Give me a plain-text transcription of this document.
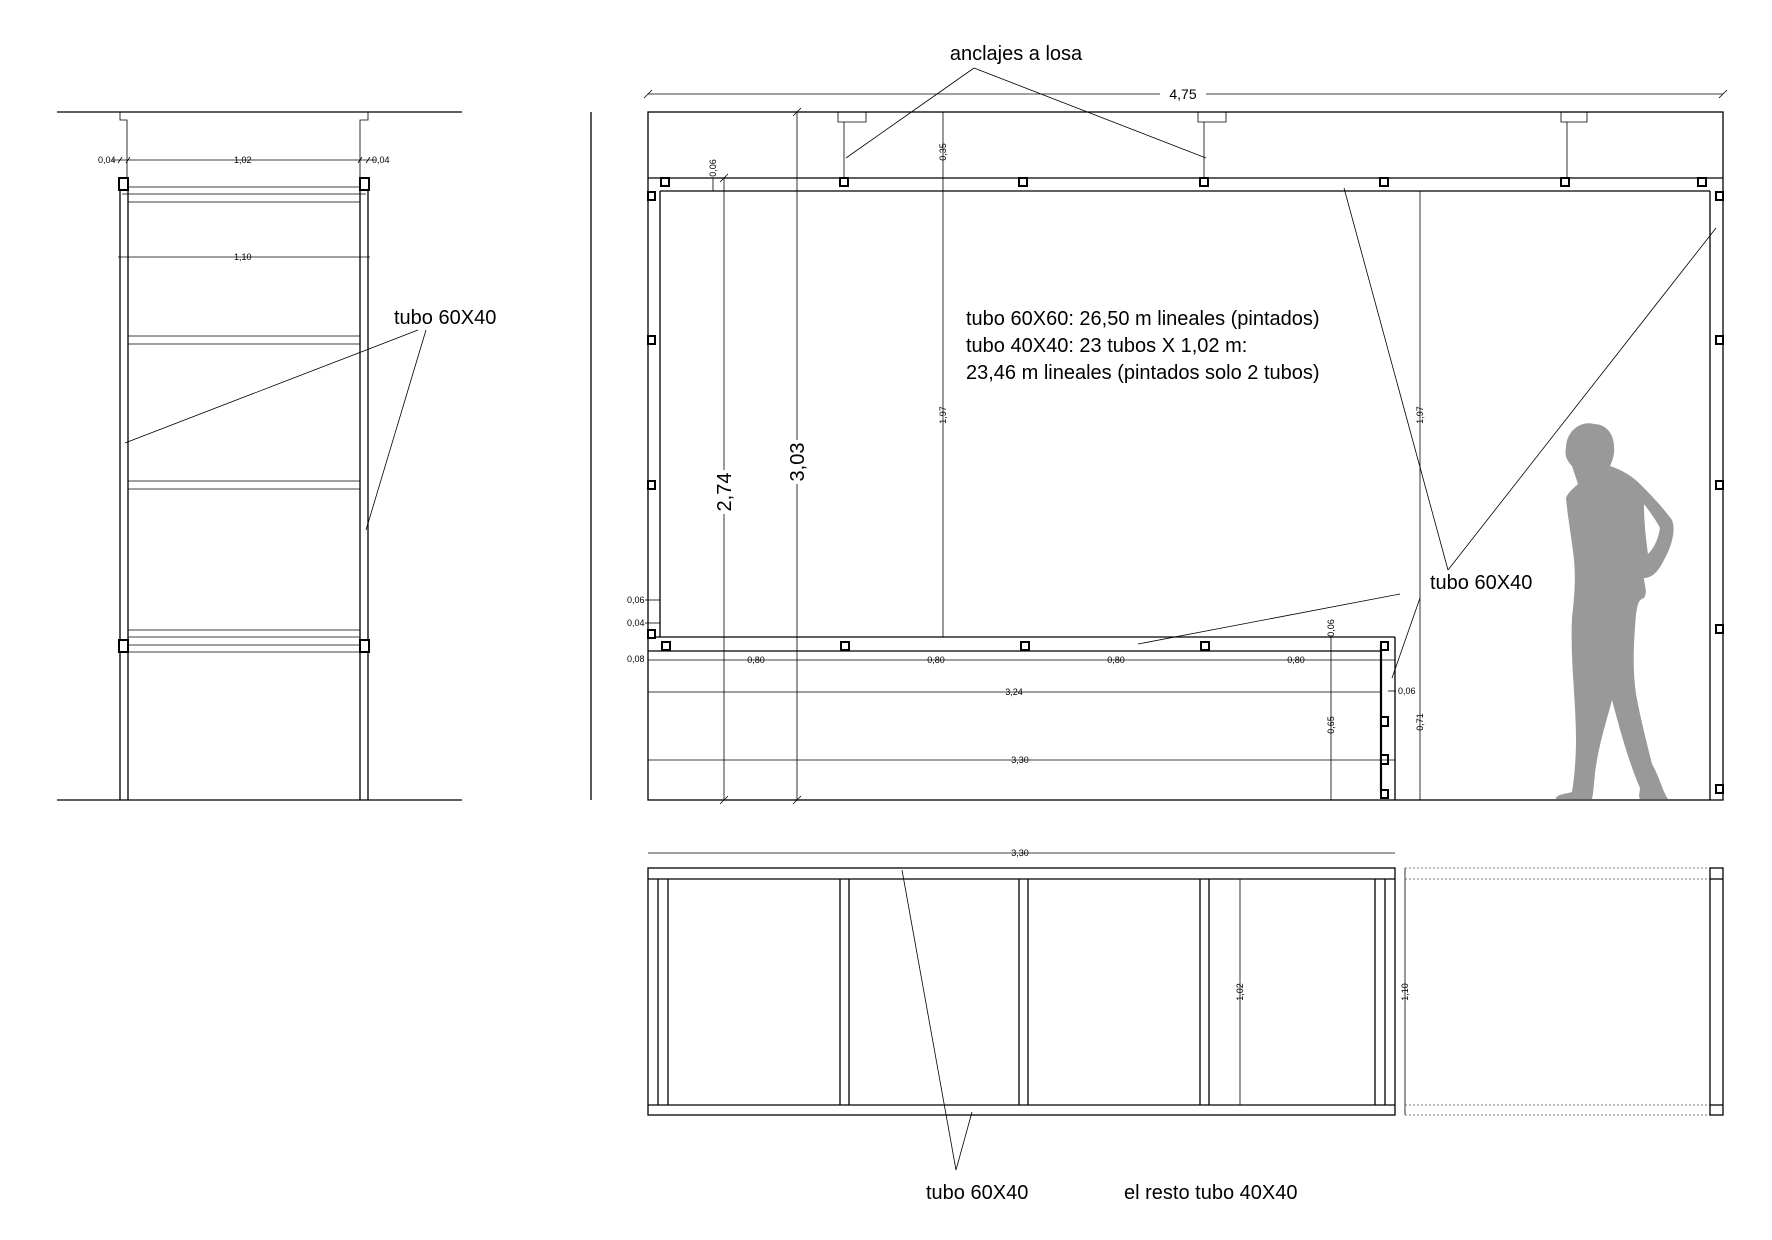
0,04	1,02	0,04
1,10
tubo 60X40
4,75
anclajes a losa
3,03
2,74
0,35
1,97	1,97
0,71
0,06
0,06
0,65
0,06
0,04
0,08	0,80	0,80	0,80	0,80
3,24
3,30
0,06
tubo 60X60: 26,50 m lineales (pintados)
tubo 40X40: 23 tubos X 1,02 m:
23,46 m lineales (pintados solo 2 tubos)
tubo 60X40
3,30
1,02	1,10
tubo 60X40	el resto tubo 40X40
